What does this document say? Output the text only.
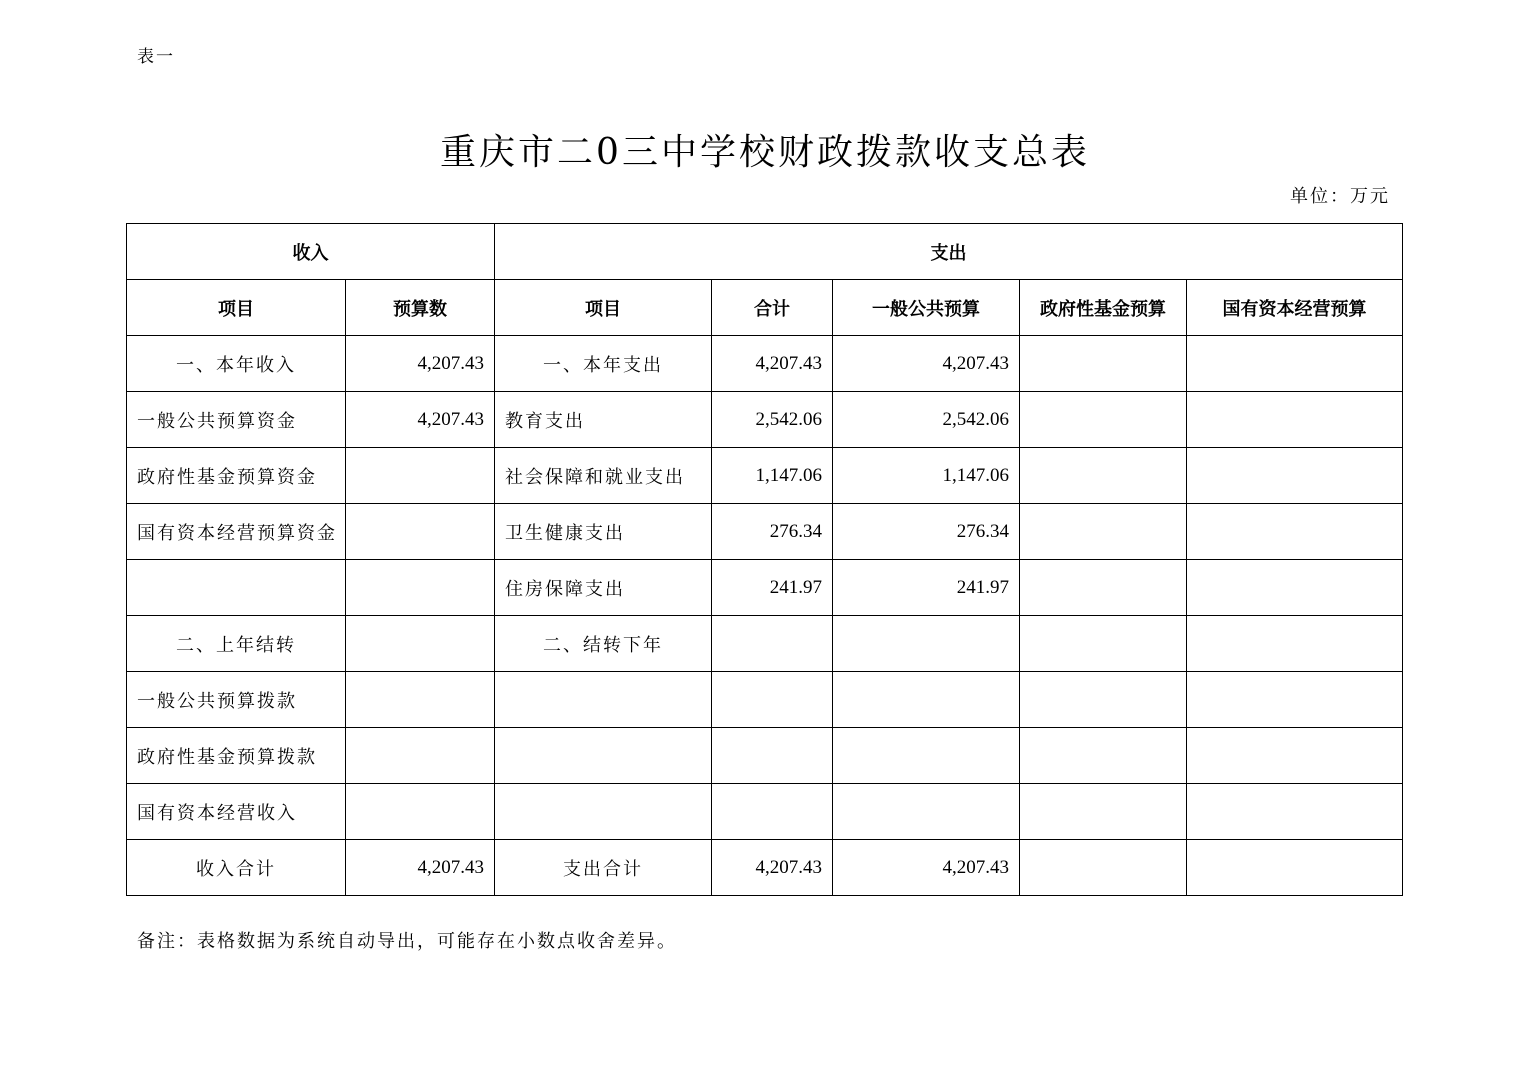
表一
重庆市二0三中学校财政拨款收支总表
单位：万元
收入		支出				
项目	预算数	项目	合计	一般公共预算	政府性基金预算	国有资本经营预算
一、本年收入	4,207.43	一、本年支出	4,207.43	4,207.43		
一般公共预算资金	4,207.43	教育支出	2,542.06	2,542.06		
政府性基金预算资金		社会保障和就业支出	1,147.06	1,147.06		
国有资本经营预算资金		卫生健康支出	276.34	276.34		
		住房保障支出	241.97	241.97		
二、上年结转		二、结转下年				
一般公共预算拨款						
政府性基金预算拨款						
国有资本经营收入						
收入合计	4,207.43	支出合计	4,207.43	4,207.43		
备注：表格数据为系统自动导出，可能存在小数点收舍差异。
